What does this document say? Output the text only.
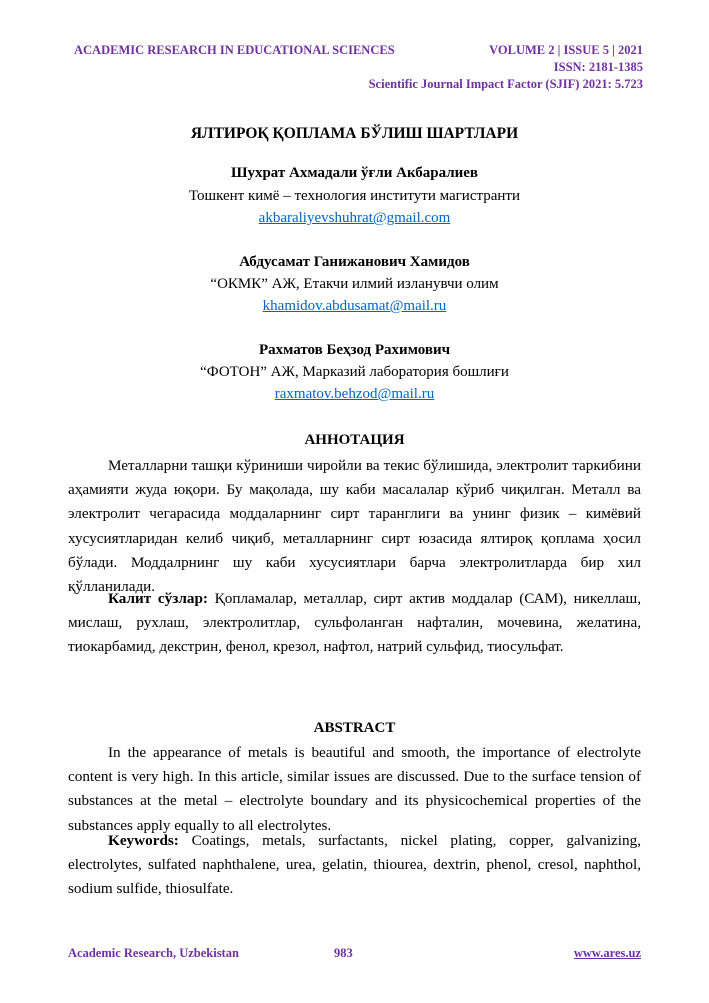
ACADEMIC RESEARCH IN EDUCATIONAL SCIENCES	VOLUME 2 | ISSUE 5 | 2021
ISSN: 2181-1385
Scientific Journal Impact Factor (SJIF) 2021: 5.723
ЯЛТИРОҚ ҚОПЛАМА БЎЛИШ ШАРТЛАРИ
Шухрат Ахмадали ўғли Акбаралиев
Тошкент кимё – технология институти магистранти
akbaraliyevshuhrat@gmail.com
Абдусамат Ганижанович Хамидов
“ОКМК” АЖ, Етакчи илмий изланувчи олим
khamidov.abdusamat@mail.ru
Рахматов Беҳзод Рахимович
“ФОТОН” АЖ, Марказий лаборатория бошлиғи
raxmatov.behzod@mail.ru
АННОТАЦИЯ

Металларни ташқи кўриниши чиройли ва текис бўлишида, электролит таркибини аҳамияти жуда юқори. Бу мақолада, шу каби масалалар кўриб чиқилган. Металл ва электролит чегарасида моддаларнинг сирт таранглиги ва унинг физик – кимёвий хусусиятларидан келиб чиқиб, металларнинг сирт юзасида ялтироқ қоплама ҳосил бўлади. Моддалрнинг шу каби хусусиятлари барча электролитларда бир хил қўлланилади.

Калит сўзлар: Қопламалар, металлар, сирт актив моддалар (САМ), никеллаш, мислаш, рухлаш, электролитлар, сульфоланган нафталин, мочевина, желатина, тиокарбамид, декстрин, фенол, крезол, нафтол, натрий сульфид, тиосульфат.

ABSTRACT

In the appearance of metals is beautiful and smooth, the importance of electrolyte content is very high. In this article, similar issues are discussed. Due to the surface tension of substances at the metal – electrolyte boundary and its physicochemical properties of the substances apply equally to all electrolytes.

Keywords: Coatings, metals, surfactants, nickel plating, copper, galvanizing, electrolytes, sulfated naphthalene, urea, gelatin, thiourea, dextrin, phenol, cresol, naphthol, sodium sulfide, thiosulfate.

Academic Research, Uzbekistan	983	www.ares.uz
